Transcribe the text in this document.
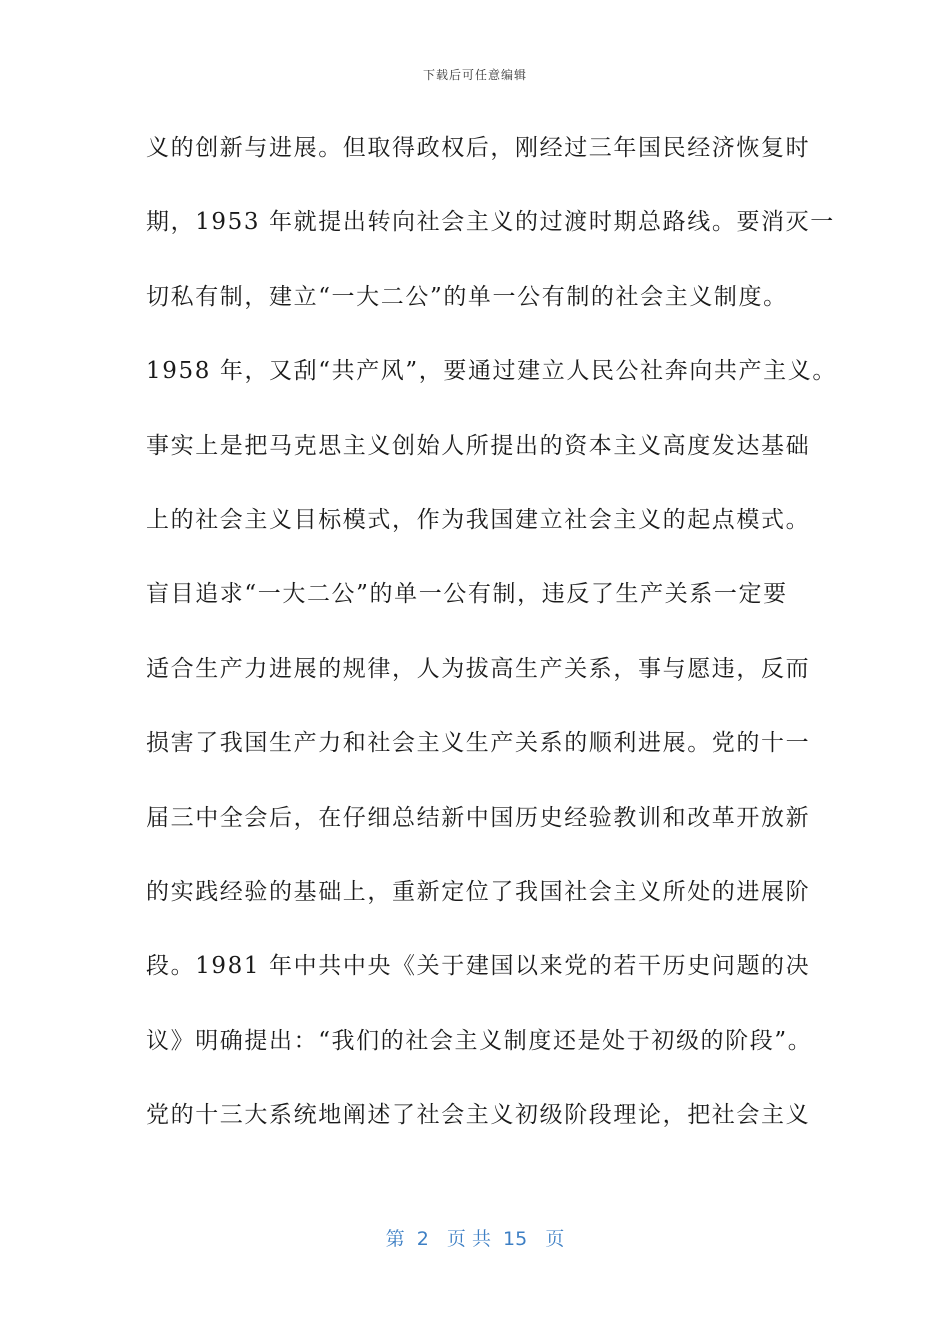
下载后可任意编辑
义的创新与进展。但取得政权后，刚经过三年国民经济恢复时
期，1953 年就提出转向社会主义的过渡时期总路线。要消灭一
切私有制，建立“一大二公”的单一公有制的社会主义制度。
1958 年，又刮“共产风”，要通过建立人民公社奔向共产主义。
事实上是把马克思主义创始人所提出的资本主义高度发达基础
上的社会主义目标模式，作为我国建立社会主义的起点模式。
盲目追求“一大二公”的单一公有制，违反了生产关系一定要
适合生产力进展的规律，人为拔高生产关系，事与愿违，反而
损害了我国生产力和社会主义生产关系的顺利进展。党的十一
届三中全会后，在仔细总结新中国历史经验教训和改革开放新
的实践经验的基础上，重新定位了我国社会主义所处的进展阶
段。1981 年中共中央《关于建国以来党的若干历史问题的决
议》明确提出：“我们的社会主义制度还是处于初级的阶段”。
党的十三大系统地阐述了社会主义初级阶段理论，把社会主义
第  2   页 共  15   页
